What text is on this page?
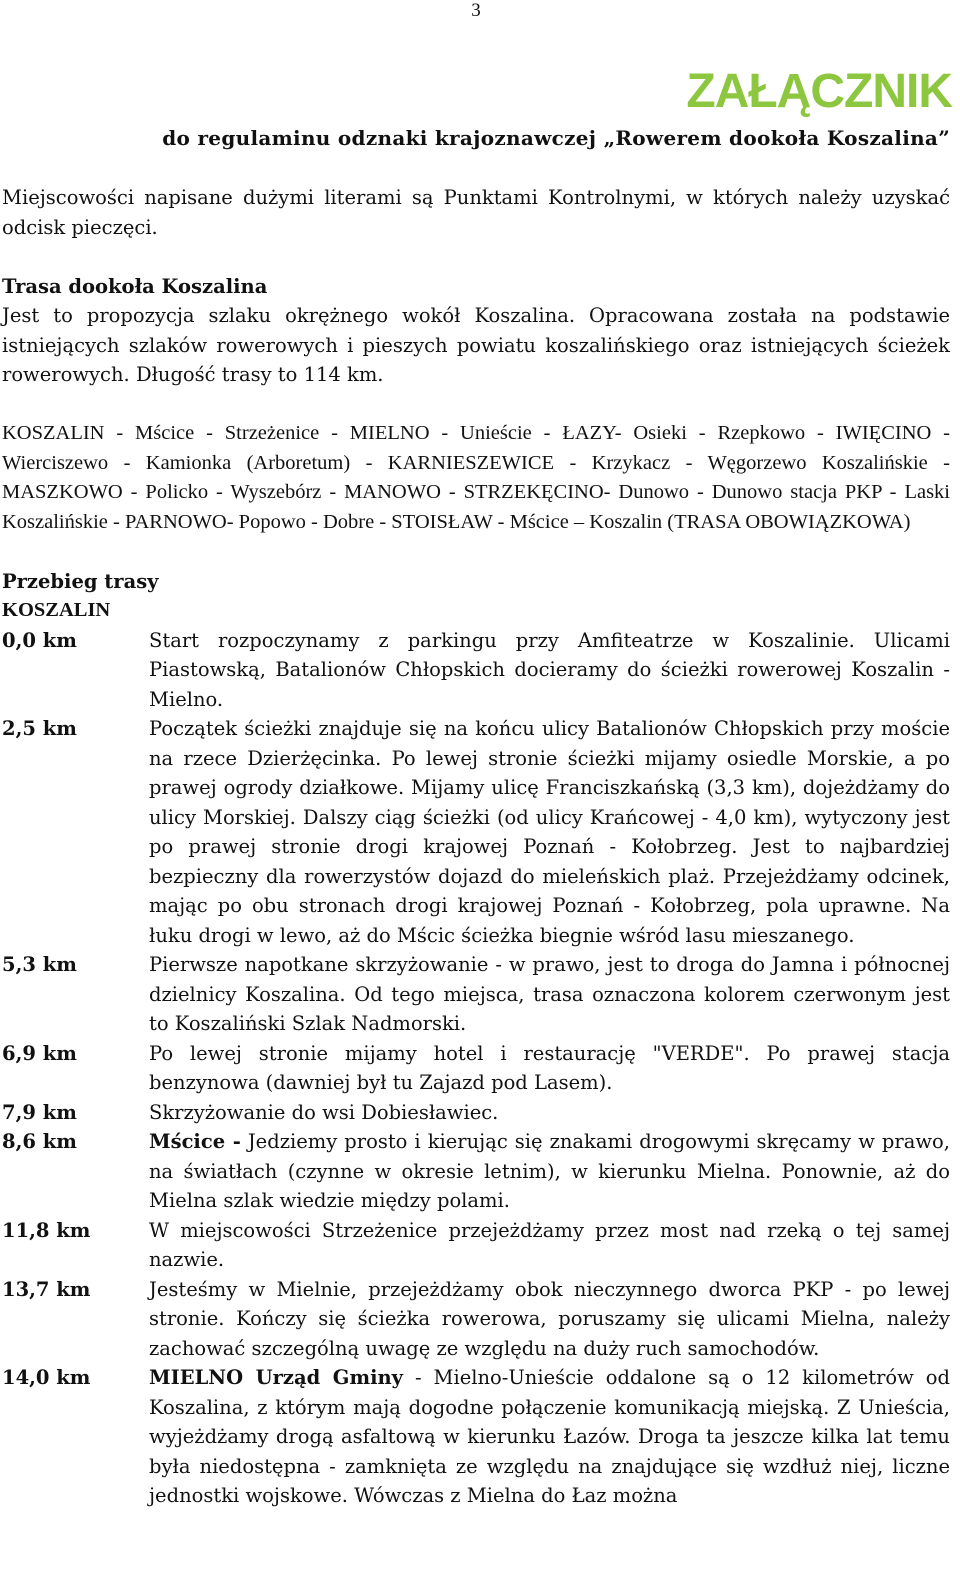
3
ZAŁĄCZNIK
do regulaminu odznaki krajoznawczej „Rowerem dookoła Koszalina”

Miejscowości napisane dużymi literami są Punktami Kontrolnymi, w których należy uzyskać odcisk pieczęci.

Trasa dookoła Koszalina

Jest to propozycja szlaku okrężnego wokół Koszalina. Opracowana została na podstawie istniejących szlaków rowerowych i pieszych powiatu koszalińskiego oraz istniejących ścieżek rowerowych. Długość trasy to 114 km.

KOSZALIN - Mścice - Strzeżenice - MIELNO - Unieście - ŁAZY- Osieki - Rzepkowo - IWIĘCINO - Wierciszewo - Kamionka (Arboretum) - KARNIESZEWICE - Krzykacz - Węgorzewo Koszalińskie - MASZKOWO - Policko - Wyszebórz - MANOWO - STRZEKĘCINO- Dunowo - Dunowo stacja PKP - Laski Koszalińskie - PARNOWO- Popowo - Dobre - STOISŁAW - Mścice – Koszalin (TRASA OBOWIĄZKOWA)

Przebieg trasy

KOSZALIN

0,0 km	Start rozpoczynamy z parkingu przy Amfiteatrze w Koszalinie. Ulicami Piastowską, Batalionów Chłopskich docieramy do ścieżki rowerowej Koszalin - Mielno.
2,5 km	Początek ścieżki znajduje się na końcu ulicy Batalionów Chłopskich przy moście na rzece Dzierżęcinka. Po lewej stronie ścieżki mijamy osiedle Morskie, a po prawej ogrody działkowe. Mijamy ulicę Franciszkańską (3,3 km), dojeżdżamy do ulicy Morskiej. Dalszy ciąg ścieżki (od ulicy Krańcowej - 4,0 km), wytyczony jest po prawej stronie drogi krajowej Poznań - Kołobrzeg. Jest to najbardziej bezpieczny dla rowerzystów dojazd do mieleńskich plaż. Przejeżdżamy odcinek, mając po obu stronach drogi krajowej Poznań - Kołobrzeg, pola uprawne. Na łuku drogi w lewo, aż do Mścic ścieżka biegnie wśród lasu mieszanego.
5,3 km	Pierwsze napotkane skrzyżowanie - w prawo, jest to droga do Jamna i północnej dzielnicy Koszalina. Od tego miejsca, trasa oznaczona kolorem czerwonym jest to Koszaliński Szlak Nadmorski.
6,9 km	Po lewej stronie mijamy hotel i restaurację "VERDE". Po prawej stacja benzynowa (dawniej był tu Zajazd pod Lasem).
7,9 km	Skrzyżowanie do wsi Dobiesławiec.
8,6 km	Mścice - Jedziemy prosto i kierując się znakami drogowymi skręcamy w prawo, na światłach (czynne w okresie letnim), w kierunku Mielna. Ponownie, aż do Mielna szlak wiedzie między polami.
11,8 km	W miejscowości Strzeżenice przejeżdżamy przez most nad rzeką o tej samej nazwie.
13,7 km	Jesteśmy w Mielnie, przejeżdżamy obok nieczynnego dworca PKP - po lewej stronie. Kończy się ścieżka rowerowa, poruszamy się ulicami Mielna, należy zachować szczególną uwagę ze względu na duży ruch samochodów.
14,0 km	MIELNO Urząd Gminy - Mielno-Unieście oddalone są o 12 kilometrów od Koszalina, z którym mają dogodne połączenie komunikacją miejską. Z Unieścia, wyjeżdżamy drogą asfaltową w kierunku Łazów. Droga ta jeszcze kilka lat temu była niedostępna - zamknięta ze względu na znajdujące się wzdłuż niej, liczne jednostki wojskowe. Wówczas z Mielna do Łaz można
